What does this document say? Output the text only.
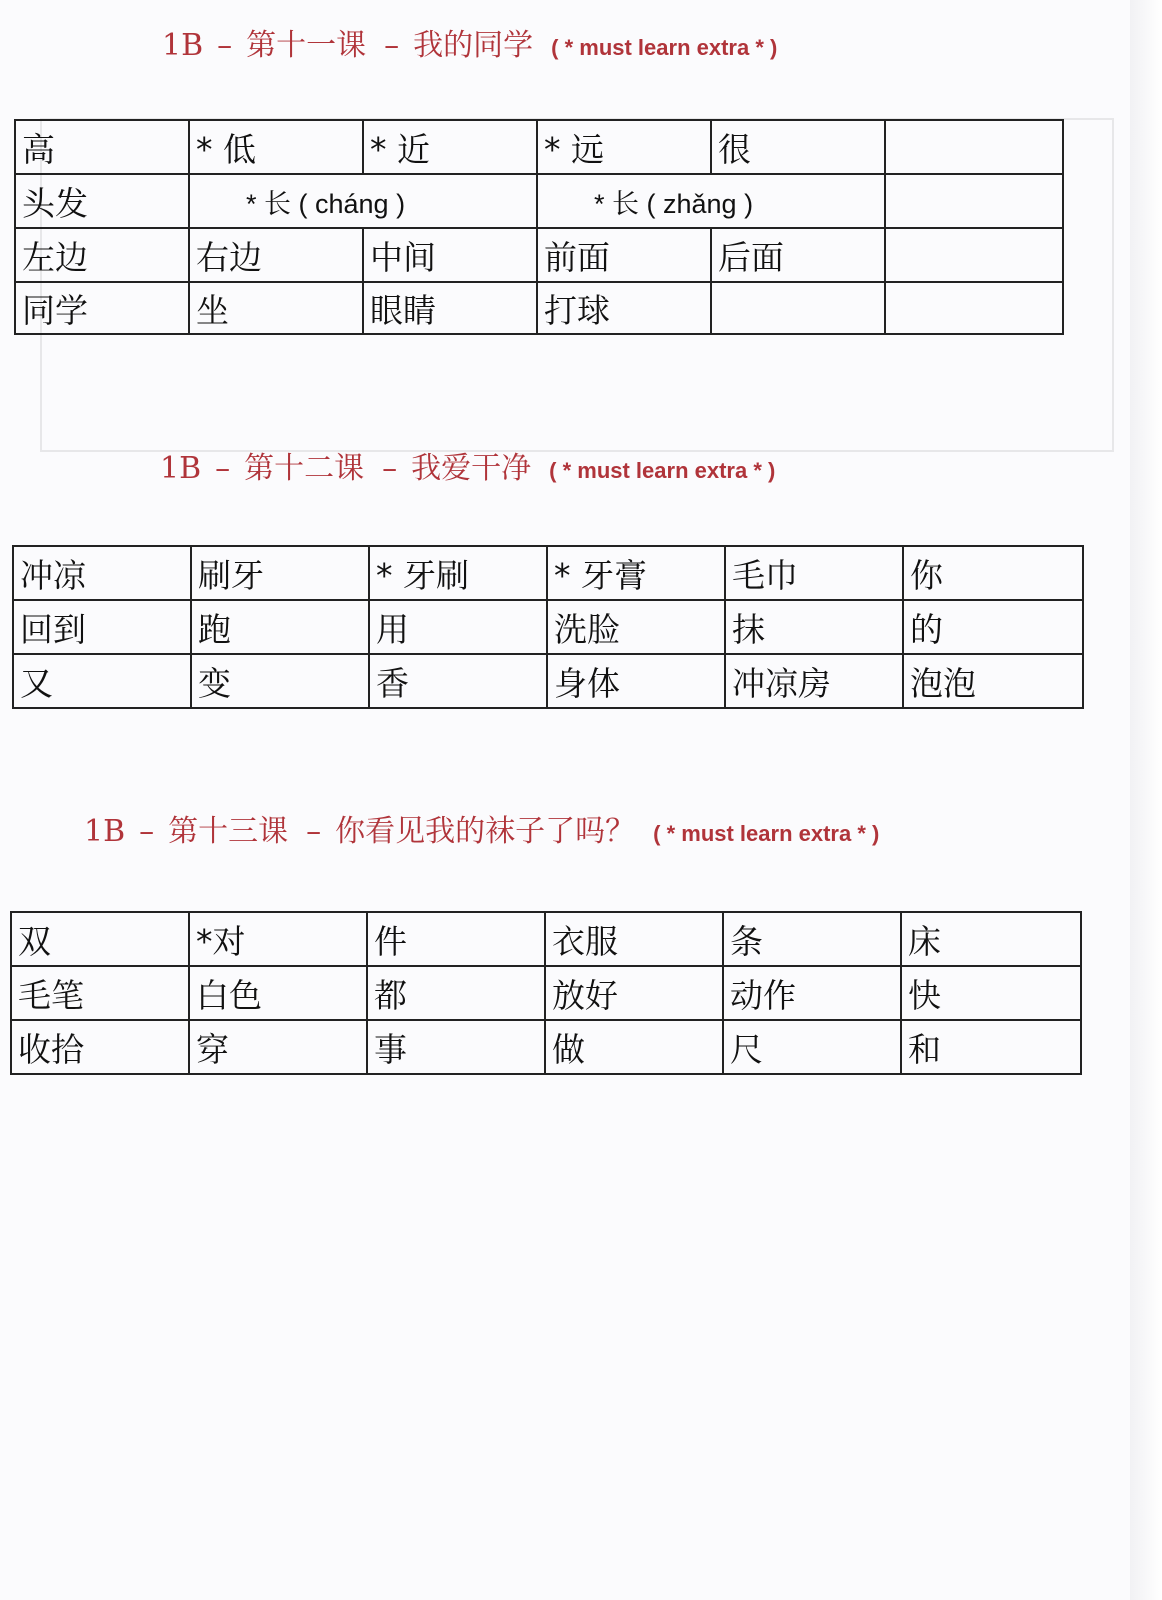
1B – 第十一课 – 我的同学 ( * must learn extra * )
高	* 低	* 近	* 远	很	
头发	* 长 ( cháng )		* 长 ( zhǎng )		
左边	右边	中间	前面	后面	
同学	坐	眼睛	打球		
1B – 第十二课 – 我爱干净 ( * must learn extra * )
冲凉	刷牙	* 牙刷	* 牙膏	毛巾	你
回到	跑	用	洗脸	抹	的
又	变	香	身体	冲凉房	泡泡
1B – 第十三课 – 你看见我的袜子了吗？ ( * must learn extra * )
双	*对	件	衣服	条	床
毛笔	白色	都	放好	动作	快
收拾	穿	事	做	尺	和
